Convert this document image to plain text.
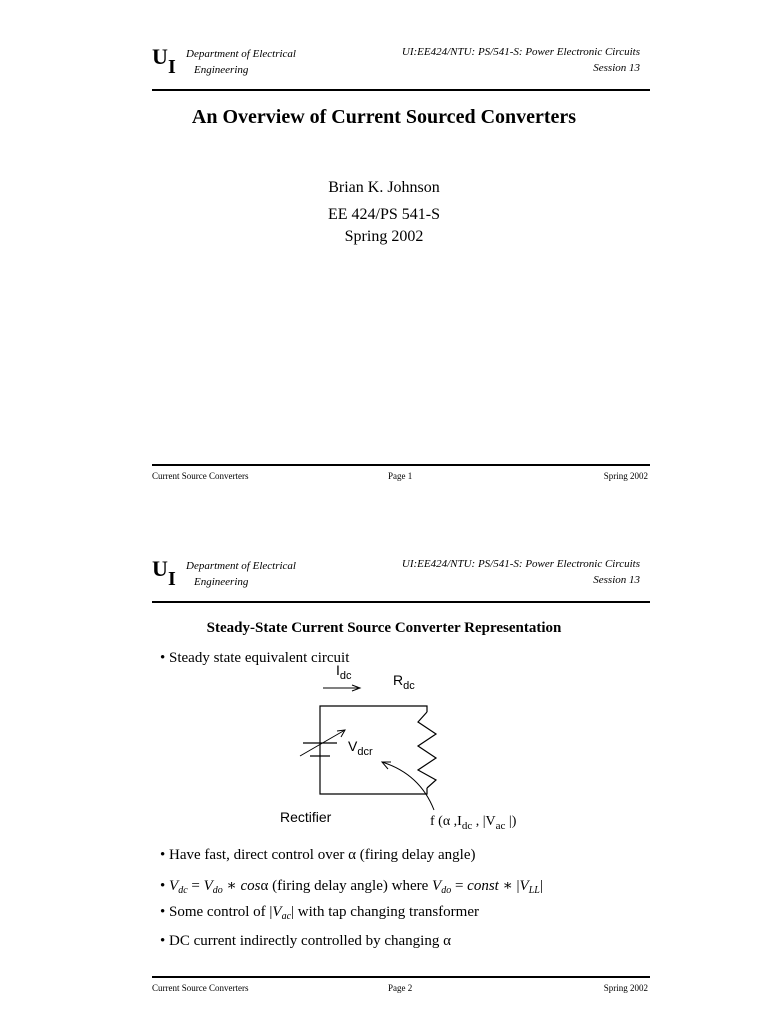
U I
Department of Electrical
Engineering
UI:EE424/NTU: PS/541-S: Power Electronic Circuits
Session 13
An Overview of Current Sourced Converters
Brian K. Johnson
EE 424/PS 541-S
Spring 2002
Current Source Converters	Page 1	Spring 2002
U I
Department of Electrical
Engineering
UI:EE424/NTU: PS/541-S: Power Electronic Circuits
Session 13
Steady-State Current Source Converter Representation
• Steady state equivalent circuit
$I_{dc}$	$R_{dc}$
$V_{dcr}$
Rectifier	f (α $,I_{dc}$ , $|V_{ac}$ |)
• Have fast, direct control over α (firing delay angle)
• $V_{dc} = V_{do}$ ∗ cosα (firing delay angle) where $V_{do}$ = const ∗ $|V_{LL}|$
• Some control of $|V_{ac}|$ with tap changing transformer
• DC current indirectly controlled by changing α
Current Source Converters	Page 2	Spring 2002
